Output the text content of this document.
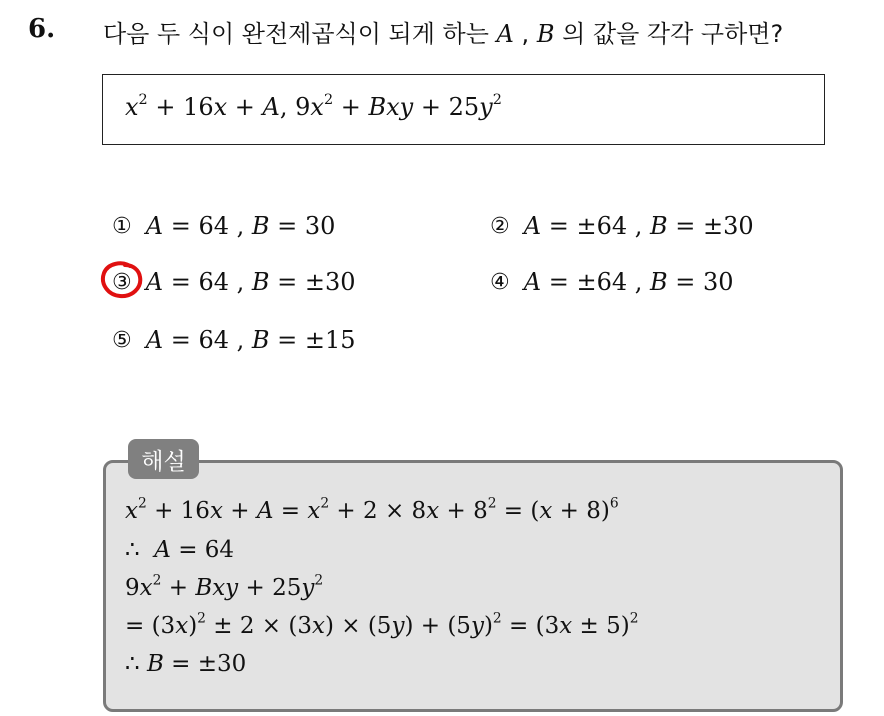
6. 다음 두 식이 완전제곱식이 되게 하는 A , B 의 값을 각각 구하면?
$x^2 + 16x + A$, $9x^2$ + Bxy + $25y^2$
① A = 64 , B = 30	② A = ±64 , B = ±30
③ A = 64 , B = ±30	④ A = ±64 , B = 30
⑤ A = 64 , B = ±15
해설
$x^2 + 16x + A = x^2 + 2 \times 8x + 8^2 = (x + 8)^6$
∴ A = 64
$9x^2$ + Bxy + $25y^2$
= $(3x)^2 \pm 2 \times (3x) \times (5y) + (5y)^2 = (3x \pm 5)^2$
∴ B = ±30
